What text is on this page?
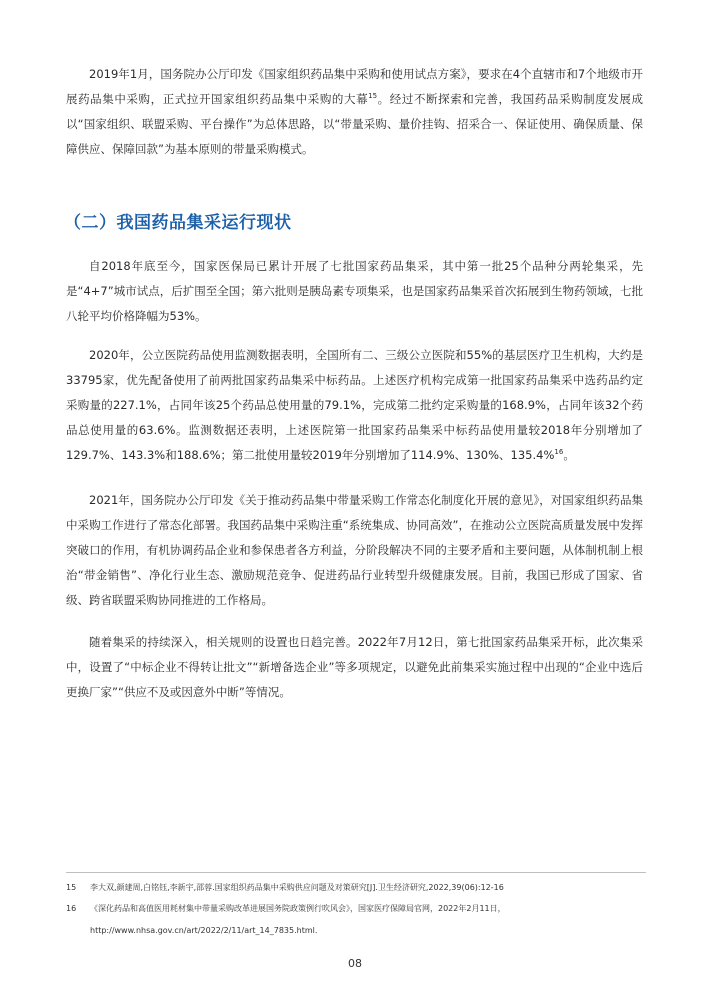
2019年1月，国务院办公厅印发《国家组织药品集中采购和使用试点方案》，要求在4个直辖市和7个地级市开展药品集中采购，正式拉开国家组织药品集中采购的大幕$^{15}$。经过不断探索和完善，我国药品采购制度发展成以“国家组织、联盟采购、平台操作”为总体思路，以“带量采购、量价挂钩、招采合一、保证使用、确保质量、保障供应、保障回款”为基本原则的带量采购模式。

（二）我国药品集采运行现状

自2018年底至今，国家医保局已累计开展了七批国家药品集采，其中第一批25个品种分两轮集采，先是“4+7”城市试点，后扩围至全国；第六批则是胰岛素专项集采，也是国家药品集采首次拓展到生物药领域，七批八轮平均价格降幅为53%。

2020年，公立医院药品使用监测数据表明，全国所有二、三级公立医院和55%的基层医疗卫生机构，大约是33795家，优先配备使用了前两批国家药品集采中标药品。上述医疗机构完成第一批国家药品集采中选药品约定采购量的227.1%，占同年该25个药品总使用量的79.1%，完成第二批约定采购量的168.9%，占同年该32个药品总使用量的63.6%。监测数据还表明，上述医院第一批国家药品集采中标药品使用量较2018年分别增加了129.7%、143.3%和188.6%；第二批使用量较2019年分别增加了114.9%、130%、135.4%$^{16}$。

2021年，国务院办公厅印发《关于推动药品集中带量采购工作常态化制度化开展的意见》，对国家组织药品集中采购工作进行了常态化部署。我国药品集中采购注重“系统集成、协同高效”，在推动公立医院高质量发展中发挥突破口的作用，有机协调药品企业和参保患者各方利益，分阶段解决不同的主要矛盾和主要问题，从体制机制上根治“带金销售”、净化行业生态、激励规范竞争、促进药品行业转型升级健康发展。目前，我国已形成了国家、省级、跨省联盟采购协同推进的工作格局。

随着集采的持续深入，相关规则的设置也日趋完善。2022年7月12日，第七批国家药品集采开标，此次集采中，设置了“中标企业不得转让批文”“新增备选企业”等多项规定，以避免此前集采实施过程中出现的“企业中选后更换厂家”“供应不及或因意外中断”等情况。

15 李大双,颜建周,白铭钰,李新宇,邵蓉.国家组织药品集中采购供应问题及对策研究[J].卫生经济研究,2022,39(06):12-16

16 《深化药品和高值医用耗材集中带量采购改革进展国务院政策例行吹风会》，国家医疗保障局官网，2022年2月11日，
http://www.nhsa.gov.cn/art/2022/2/11/art_14_7835.html.

08
